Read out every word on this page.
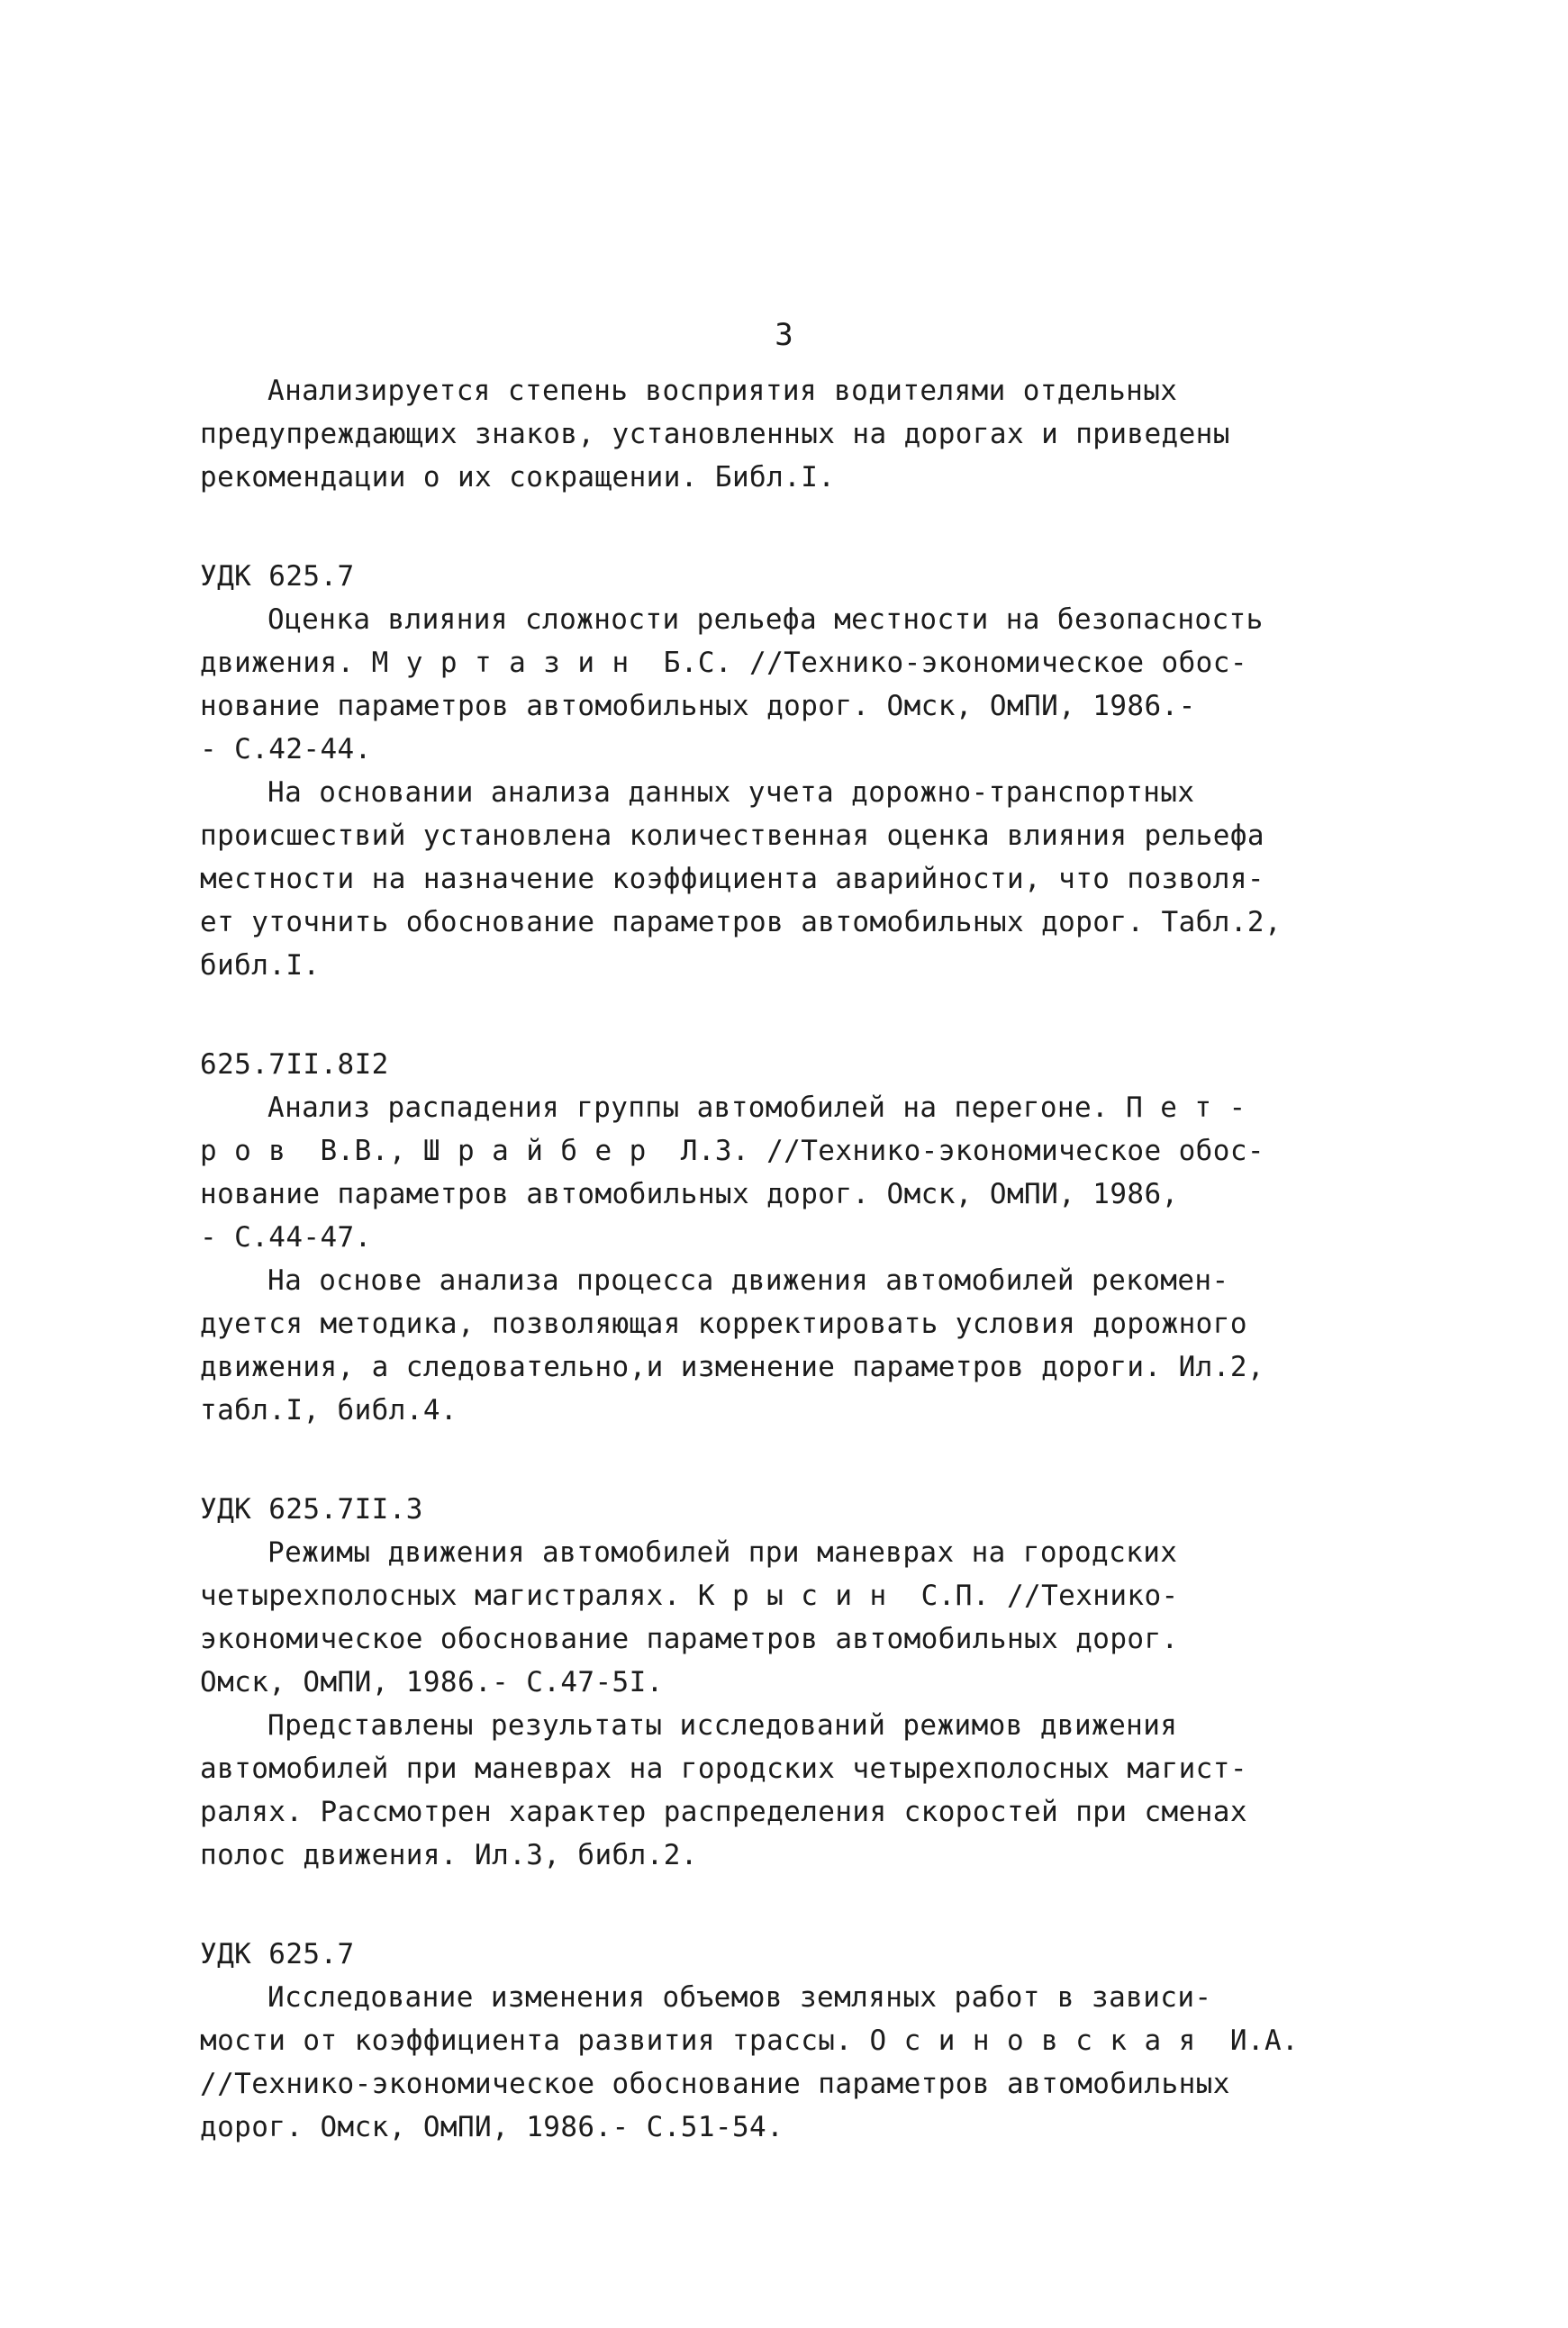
3
Анализируется степень восприятия водителями отдельных
предупреждающих знаков, установленных на дорогах и приведены
рекомендации о их сокращении. Библ.I.
УДК 625.7
Оценка влияния сложности рельефа местности на безопасность
движения. М у р т а з и н  Б.С. //Технико-экономическое обос-
нование параметров автомобильных дорог. Омск, ОмПИ, 1986.-
- С.42-44.
На основании анализа данных учета дорожно-транспортных
происшествий установлена количественная оценка влияния рельефа
местности на назначение коэффициента аварийности, что позволя-
ет уточнить обоснование параметров автомобильных дорог. Табл.2,
библ.I.
625.7II.8I2
Анализ распадения группы автомобилей на перегоне. П е т -
р о в  В.В., Ш р а й б е р  Л.З. //Технико-экономическое обос-
нование параметров автомобильных дорог. Омск, ОмПИ, 1986,
- С.44-47.
На основе анализа процесса движения автомобилей рекомен-
дуется методика, позволяющая корректировать условия дорожного
движения, а следовательно,и изменение параметров дороги. Ил.2,
табл.I, библ.4.
УДК 625.7II.3
Режимы движения автомобилей при маневрах на городских
четырехполосных магистралях. К р ы с и н  С.П. //Технико-
экономическое обоснование параметров автомобильных дорог.
Омск, ОмПИ, 1986.- С.47-5I.
Представлены результаты исследований режимов движения
автомобилей при маневрах на городских четырехполосных магист-
ралях. Рассмотрен характер распределения скоростей при сменах
полос движения. Ил.3, библ.2.
УДК 625.7
Исследование изменения объемов земляных работ в зависи-
мости от коэффициента развития трассы. О с и н о в с к а я  И.А.
//Технико-экономическое обоснование параметров автомобильных
дорог. Омск, ОмПИ, 1986.- С.51-54.
